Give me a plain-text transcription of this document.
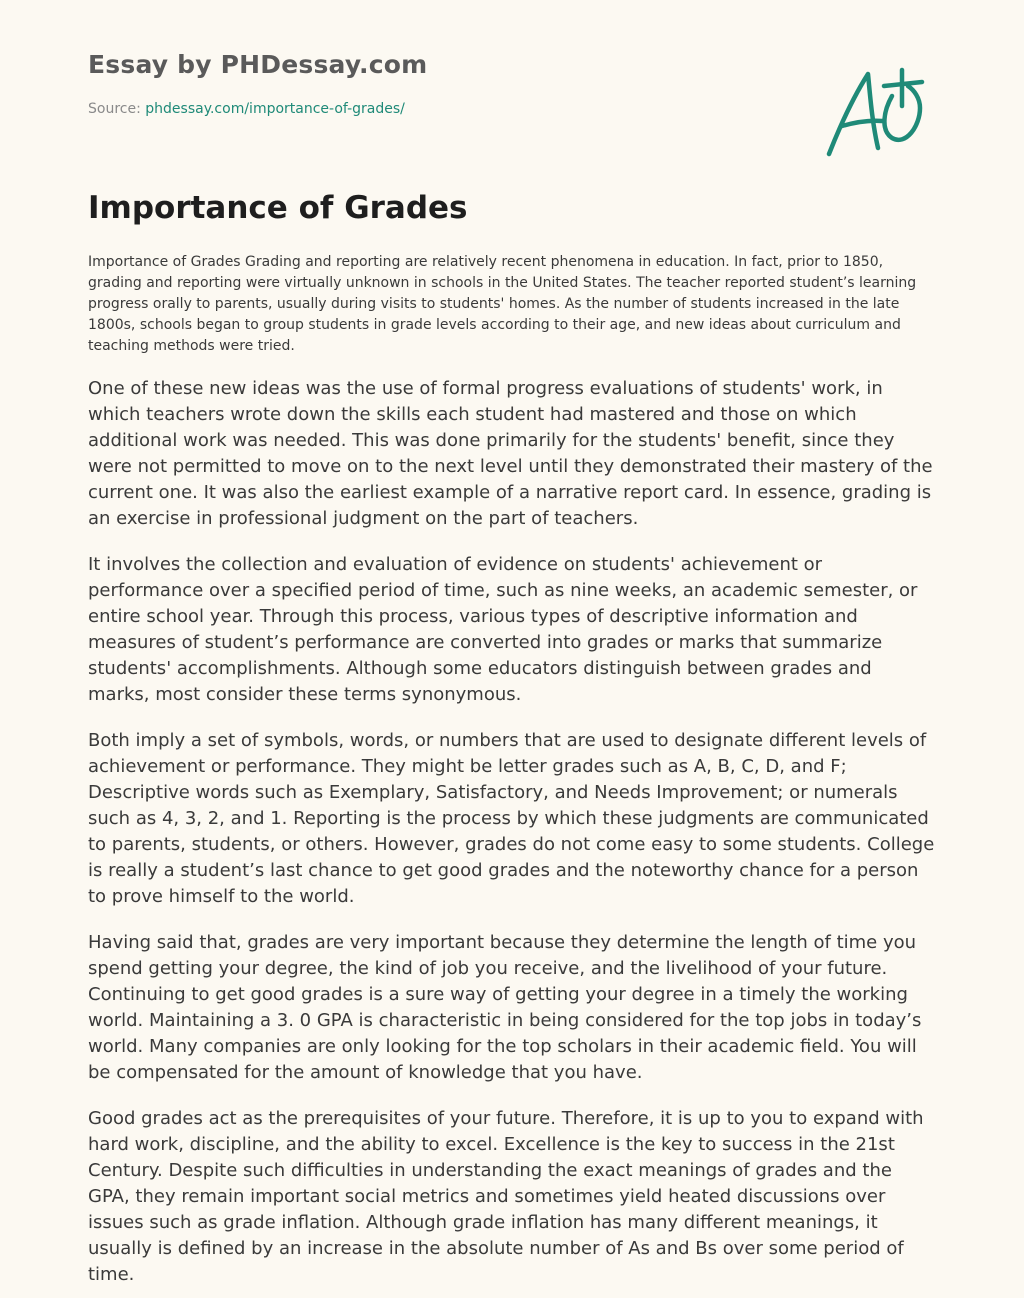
Essay by PHDessay.com
Source: phdessay.com/importance-of-grades/
Importance of Grades

Importance of Grades Grading and reporting are relatively recent phenomena in education. In fact, prior to 1850, grading and reporting were virtually unknown in schools in the United States. The teacher reported student’s learning progress orally to parents, usually during visits to students' homes. As the number of students increased in the late 1800s, schools began to group students in grade levels according to their age, and new ideas about curriculum and teaching methods were tried.

One of these new ideas was the use of formal progress evaluations of students' work, in which teachers wrote down the skills each student had mastered and those on which additional work was needed. This was done primarily for the students' benefit, since they were not permitted to move on to the next level until they demonstrated their mastery of the current one. It was also the earliest example of a narrative report card. In essence, grading is an exercise in professional judgment on the part of teachers.

It involves the collection and evaluation of evidence on students' achievement or performance over a specified period of time, such as nine weeks, an academic semester, or entire school year. Through this process, various types of descriptive information and measures of student’s performance are converted into grades or marks that summarize students' accomplishments. Although some educators distinguish between grades and marks, most consider these terms synonymous.

Both imply a set of symbols, words, or numbers that are used to designate different levels of achievement or performance. They might be letter grades such as A, B, C, D, and F; Descriptive words such as Exemplary, Satisfactory, and Needs Improvement; or numerals such as 4, 3, 2, and 1. Reporting is the process by which these judgments are communicated to parents, students, or others. However, grades do not come easy to some students. College is really a student’s last chance to get good grades and the noteworthy chance for a person to prove himself to the world.

Having said that, grades are very important because they determine the length of time you spend getting your degree, the kind of job you receive, and the livelihood of your future. Continuing to get good grades is a sure way of getting your degree in a timely the working world. Maintaining a 3. 0 GPA is characteristic in being considered for the top jobs in today’s world. Many companies are only looking for the top scholars in their academic field. You will be compensated for the amount of knowledge that you have.

Good grades act as the prerequisites of your future. Therefore, it is up to you to expand with hard work, discipline, and the ability to excel. Excellence is the key to success in the 21st Century. Despite such difficulties in understanding the exact meanings of grades and the GPA, they remain important social metrics and sometimes yield heated discussions over issues such as grade inflation. Although grade inflation has many different meanings, it usually is defined by an increase in the absolute number of As and Bs over some period of time.
